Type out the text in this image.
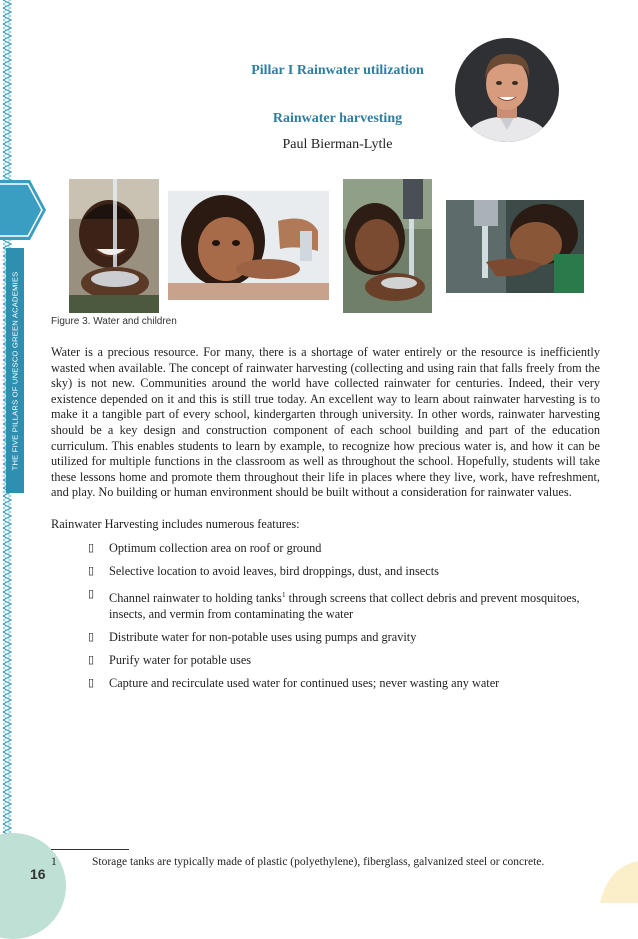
THE FIVE PILLARS OF UNESCO GREEN ACADEMIES
16
Pillar I Rainwater utilization
Rainwater harvesting
Paul Bierman-Lytle
Figure 3. Water and children

Water is a precious resource. For many, there is a shortage of water entirely or the resource is inefficiently wasted when available. The concept of rainwater harvesting (collecting and using rain that falls freely from the sky) is not new. Communities around the world have collected rainwater for centuries. Indeed, their very existence depended on it and this is still true today. An excellent way to learn about rainwater harvesting is to make it a tangible part of every school, kindergarten through university. In other words, rainwater harvesting should be a key design and construction component of each school building and part of the education curriculum. This enables students to learn by example, to recognize how precious water is, and how it can be utilized for multiple functions in the classroom as well as throughout the school. Hopefully, students will take these lessons home and promote them throughout their life in places where they live, work, have refreshment, and play. No building or human environment should be built without a consideration for rainwater values.

Rainwater Harvesting includes numerous features:

▯ Optimum collection area on roof or ground
▯ Selective location to avoid leaves, bird droppings, dust, and insects
▯ Channel rainwater to holding tanks$^1$ through screens that collect debris and prevent mosquitoes, insects, and vermin from contaminating the water
▯ Distribute water for non-potable uses using pumps and gravity
▯ Purify water for potable uses
▯ Capture and recirculate used water for continued uses; never wasting any water
1	Storage tanks are typically made of plastic (polyethylene), fiberglass, galvanized steel or concrete.
